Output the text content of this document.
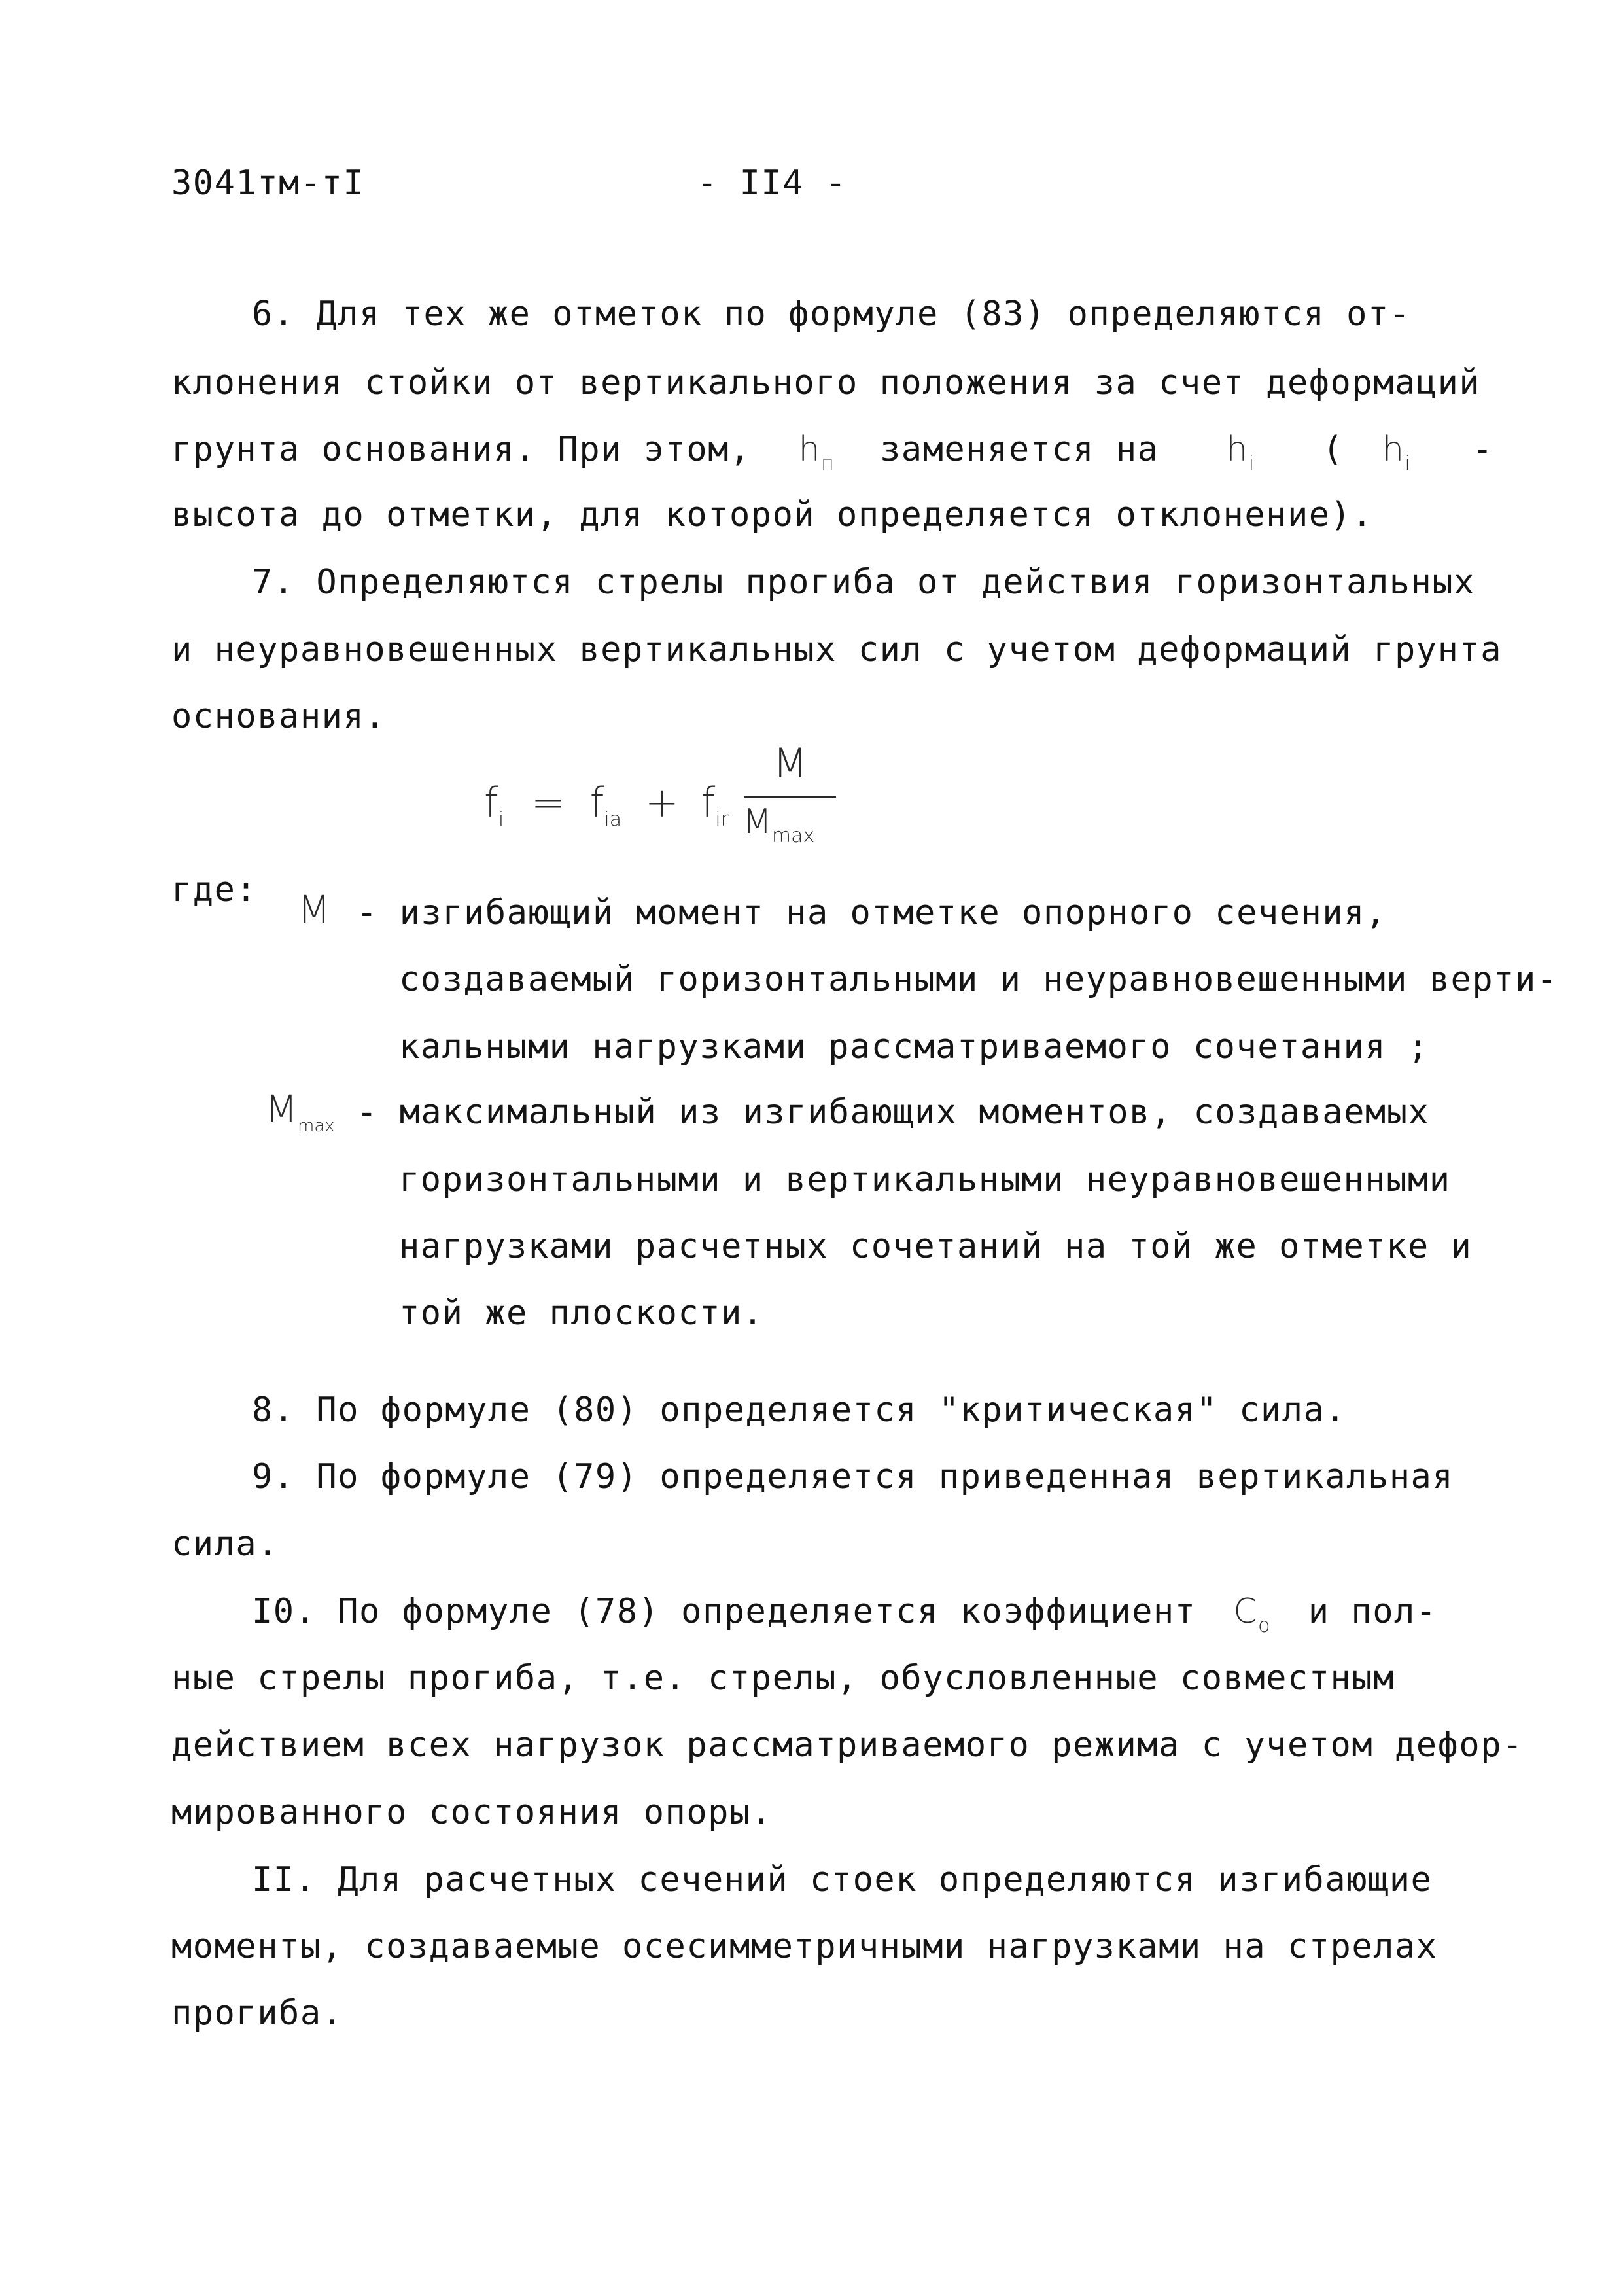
3041тм-тI	- II4 -
6. Для тех же отметок по формуле (83) определяются от-
клонения стойки от вертикального положения за счет деформаций
грунта основания. При этом, $h_п$ заменяется на $h_i$ ( $h_i$ -
высота до отметки, для которой определяется отклонение).
7. Определяются стрелы прогиба от действия горизонтальных
и неуравновешенных вертикальных сил с учетом деформаций грунта
основания.
$f_i = f_{ia} + f_{ir}$
M
$M_{max}$
где: M - изгибающий момент на отметке опорного сечения,
создаваемый горизонтальными и неуравновешенными верти-
кальными нагрузками рассматриваемого сочетания ;
$M_{max}$ - максимальный из изгибающих моментов, создаваемых
горизонтальными и вертикальными неуравновешенными
нагрузками расчетных сочетаний на той же отметке и
той же плоскости.
8. По формуле (80) определяется "критическая" сила.
9. По формуле (79) определяется приведенная вертикальная
сила.
I0. По формуле (78) определяется коэффициент $C_о$ и пол-
ные стрелы прогиба, т.е. стрелы, обусловленные совместным
действием всех нагрузок рассматриваемого режима с учетом дефор-
мированного состояния опоры.
II. Для расчетных сечений стоек определяются изгибающие
моменты, создаваемые осесимметричными нагрузками на стрелах
прогиба.
